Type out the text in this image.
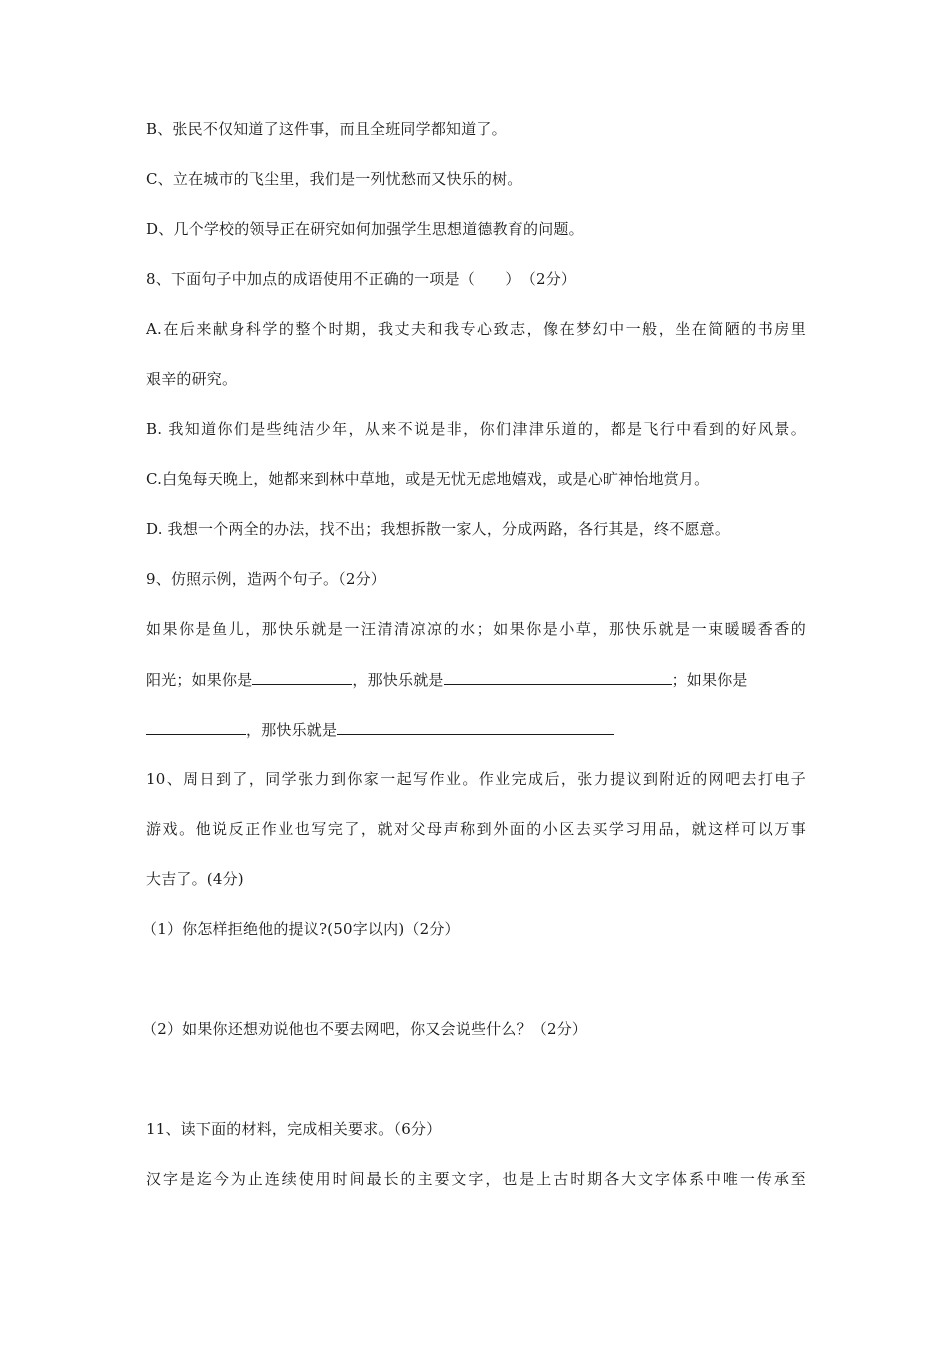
B、张民不仅知道了这件事，而且全班同学都知道了。
C、立在城市的飞尘里，我们是一列忧愁而又快乐的树。
D、几个学校的领导正在研究如何加强学生思想道德教育的问题。
8、下面句子中加点的成语使用不正确的一项是（　　）　（2分）
A.在后来献身科学的整个时期，我丈夫和我专心致志，像在梦幻中一般，坐在简陋的书房里
艰辛的研究。
B. 我知道你们是些纯洁少年，从来不说是非，你们津津乐道的，都是飞行中看到的好风景。
C.白兔每天晚上，她都来到林中草地，或是无忧无虑地嬉戏，或是心旷神怡地赏月。
D. 我想一个两全的办法，找不出；我想拆散一家人，分成两路，各行其是，终不愿意。
9、仿照示例，造两个句子。（2分）
如果你是鱼儿，那快乐就是一汪清清凉凉的水；如果你是小草，那快乐就是一束暖暖香香的
阳光；如果你是	，那快乐就是	；如果你是
，那快乐就是
10、周日到了，同学张力到你家一起写作业。作业完成后，张力提议到附近的网吧去打电子
游戏。他说反正作业也写完了，就对父母声称到外面的小区去买学习用品，就这样可以万事
大吉了。(4分)
（1）你怎样拒绝他的提议?(50字以内)（2分）
（2）如果你还想劝说他也不要去网吧，你又会说些什么？（2分）
11、读下面的材料，完成相关要求。（6分）
汉字是迄今为止连续使用时间最长的主要文字，也是上古时期各大文字体系中唯一传承至
